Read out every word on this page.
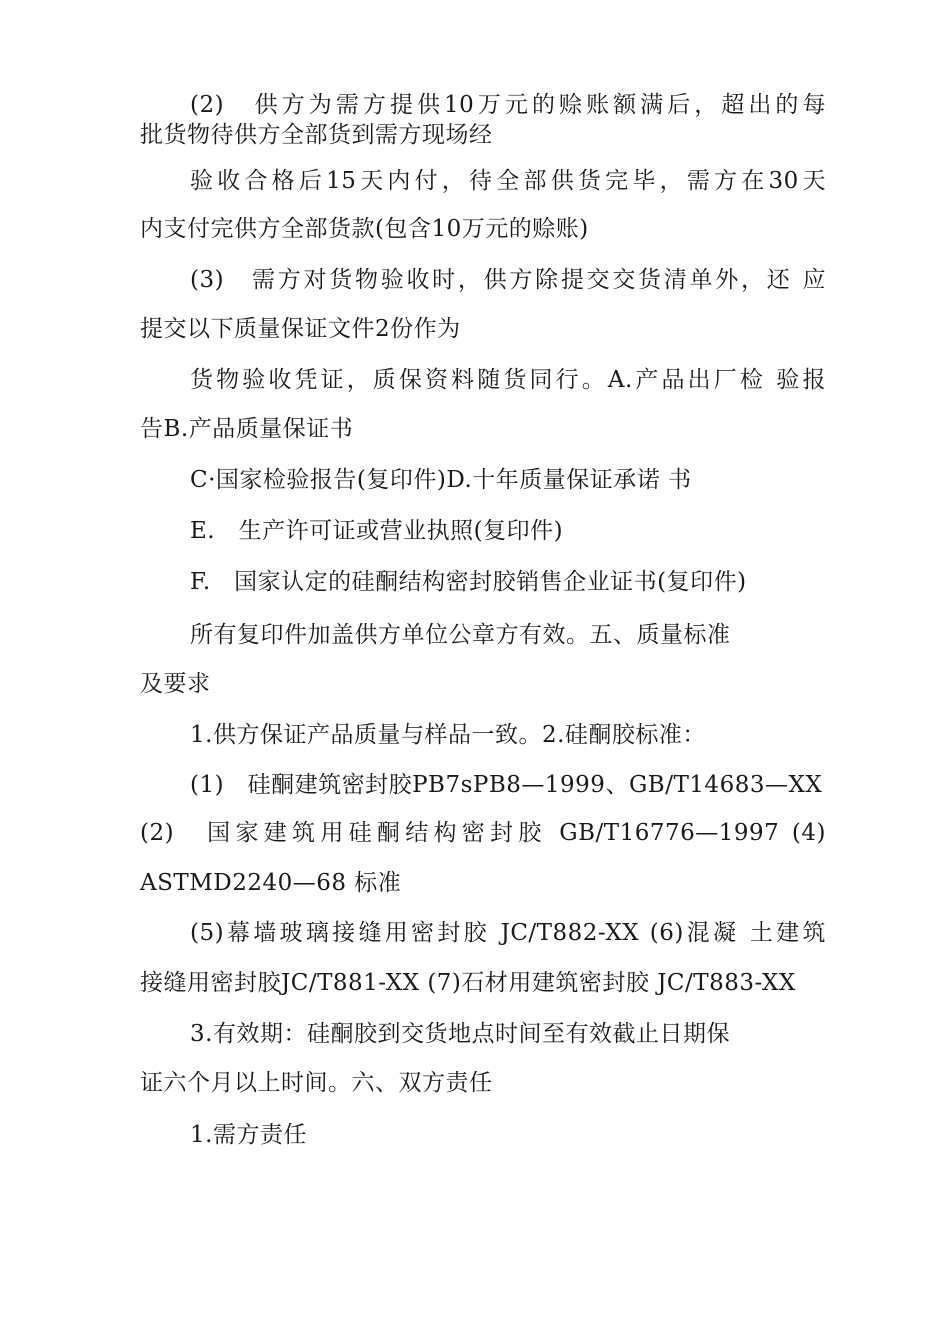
(2)　供方为需方提供10万元的赊账额满后，超出的每
批货物待供方全部货到需方现场经
验收合格后15天内付，待全部供货完毕，需方在30天
内支付完供方全部货款(包含10万元的赊账)
(3)　需方对货物验收时，供方除提交交货清单外，还 应
提交以下质量保证文件2份作为
货物验收凭证，质保资料随货同行。A.产品出厂检 验报
告B.产品质量保证书
C·国家检验报告(复印件)D.十年质量保证承诺 书
E.　生产许可证或营业执照(复印件)
F.　国家认定的硅酮结构密封胶销售企业证书(复印件)
所有复印件加盖供方单位公章方有效。五、质量标准
及要求
1.供方保证产品质量与样品一致。2.硅酮胶标准：
(1)　硅酮建筑密封胶PB7sPB8—1999、GB/T14683—XX
(2)　国家建筑用硅酮结构密封胶 GB/T16776—1997 (4)
ASTMD2240—68 标准
(5)幕墙玻璃接缝用密封胶 JC/T882-XX (6)混凝 土建筑
接缝用密封胶JC/T881-XX (7)石材用建筑密封胶 JC/T883-XX
3.有效期：硅酮胶到交货地点时间至有效截止日期保
证六个月以上时间。六、双方责任
1.需方责任
